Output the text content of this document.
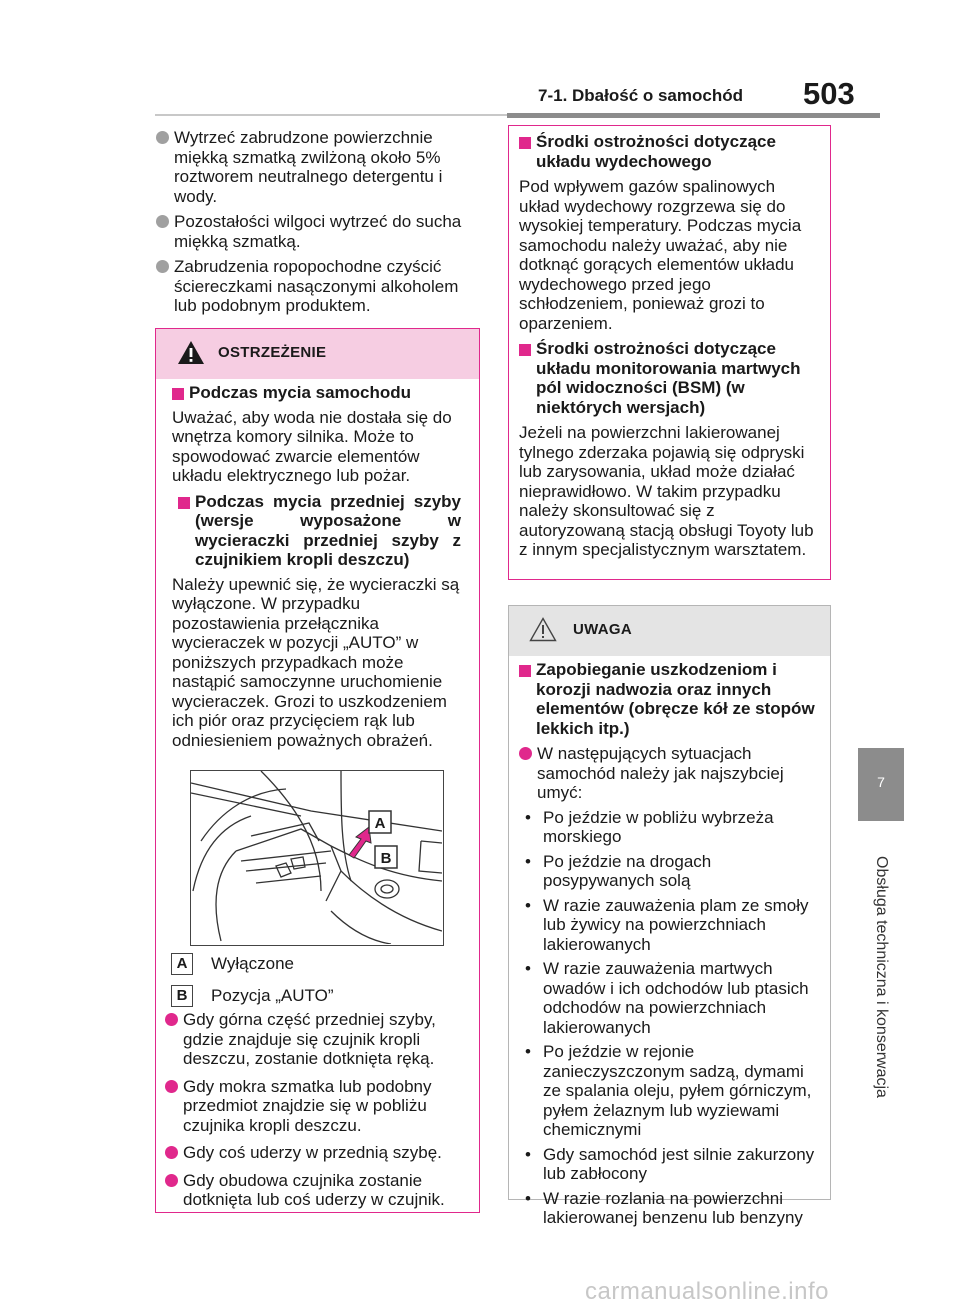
7-1. Dbałość o samochód 503
7
Obsługa techniczna i konserwacja
Wytrzeć zabrudzone powierzchnie miękką szmatką zwilżoną około 5% roztworem neutralnego detergentu i wody.
Pozostałości wilgoci wytrzeć do sucha miękką szmatką.
Zabrudzenia ropopochodne czyścić ściereczkami nasączonymi alkoholem lub podobnym produktem.
OSTRZEŻENIE
Podczas mycia samochodu
Uważać, aby woda nie dostała się do wnętrza komory silnika. Może to spowodować zwarcie elementów układu elektrycznego lub pożar.
Podczas mycia przedniej szyby (wersje wyposażone w wycieraczki przedniej szyby z czujnikiem kropli deszczu)
Należy upewnić się, że wycieraczki są wyłączone. W przypadku pozostawienia przełącznika wycieraczek w pozycji „AUTO” w poniższych przypadkach może nastąpić samoczynne uruchomienie wycieraczek. Grozi to uszkodzeniem ich piór oraz przycięciem rąk lub odniesieniem poważnych obrażeń.
A
B
A	Wyłączone
B	Pozycja „AUTO”
Gdy górna część przedniej szyby, gdzie znajduje się czujnik kropli deszczu, zostanie dotknięta ręką.
Gdy mokra szmatka lub podobny przedmiot znajdzie się w pobliżu czujnika kropli deszczu.
Gdy coś uderzy w przednią szybę.
Gdy obudowa czujnika zostanie dotknięta lub coś uderzy w czujnik.
Środki ostrożności dotyczące układu wydechowego
Pod wpływem gazów spalinowych układ wydechowy rozgrzewa się do wysokiej temperatury. Podczas mycia samochodu należy uważać, aby nie dotknąć gorących elementów układu wydechowego przed jego schłodzeniem, ponieważ grozi to oparzeniem.
Środki ostrożności dotyczące układu monitorowania martwych pól widoczności (BSM) (w niektórych wersjach)
Jeżeli na powierzchni lakierowanej tylnego zderzaka pojawią się odpryski lub zarysowania, układ może działać nieprawidłowo. W takim przypadku należy skonsultować się z autoryzowaną stacją obsługi Toyoty lub z innym specjalistycznym warsztatem.
UWAGA
Zapobieganie uszkodzeniom i korozji nadwozia oraz innych elementów (obręcze kół ze stopów lekkich itp.)
W następujących sytuacjach samochód należy jak najszybciej umyć:
• Po jeździe w pobliżu wybrzeża morskiego
• Po jeździe na drogach posypywanych solą
• W razie zauważenia plam ze smoły lub żywicy na powierzchniach lakierowanych
• W razie zauważenia martwych owadów i ich odchodów lub ptasich odchodów na powierzchniach lakierowanych
• Po jeździe w rejonie zanieczyszczonym sadzą, dymami ze spalania oleju, pyłem górniczym, pyłem żelaznym lub wyziewami chemicznymi
• Gdy samochód jest silnie zakurzony lub zabłocony
• W razie rozlania na powierzchni lakierowanej benzenu lub benzyny
carmanualsonline.info
